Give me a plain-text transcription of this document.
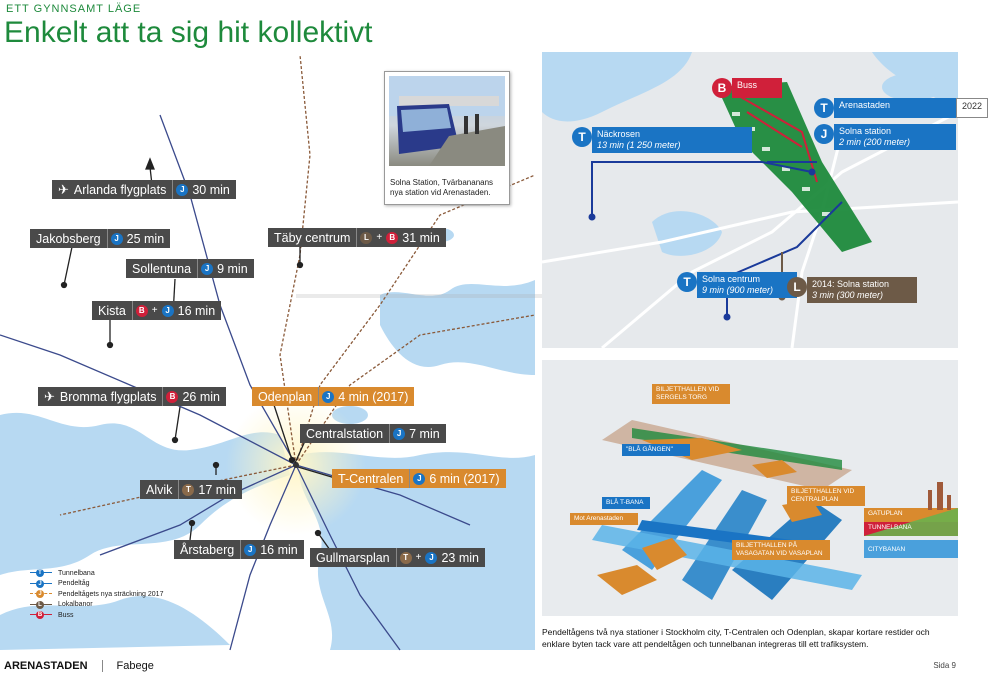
ETT GYNNSAMT LÄGE
Enkelt att ta sig hit kollektivt
Solna Station, Tvärbananans nya station vid Arenastaden.
✈ Arlanda flygplats	J 30 min
Jakobsberg	J 25 min	Täby centrum	L + B 31 min
Sollentuna	J 9 min
Kista	B + J 16 min
✈ Bromma flygplats	B 26 min	Odenplan	J 4 min (2017)
Centralstation	J 7 min
Alvik	T 17 min
T-Centralen	J 6 min (2017)
Årstaberg	J 16 min
Gullmarsplan	T + J 23 min
T	Tunnelbana
J	Pendeltåg
J	Pendeltågets nya sträckning 2017
L	Lokalbanor
B Buss
B	Buss
T	Arenastaden	2022
J	Solna station
2 min (200 meter)
T	Näckrosen
13 min (1 250 meter)
T	Solna centrum
9 min (900 meter)	L	2014: Solna station
3 min (300 meter)
BILJETTHALLEN VID SERGELS TORG
"BLÅ GÅNGEN"
BLÅ T-BANA
Mot Arenastaden
BILJETTHALLEN VID CENTRALPLAN
BILJETTHALLEN PÅ VASAGATAN VID VASAPLAN
GATUPLAN
TUNNELBANA
CITYBANAN
Pendeltågens två nya stationer i Stockholm city, T-Centralen och Odenplan, skapar kortare restider och enklare byten tack vare att pendeltågen och tunnelbanan integreras till ett trafiksystem.
ARENASTADEN	Fabege	Sida 9
